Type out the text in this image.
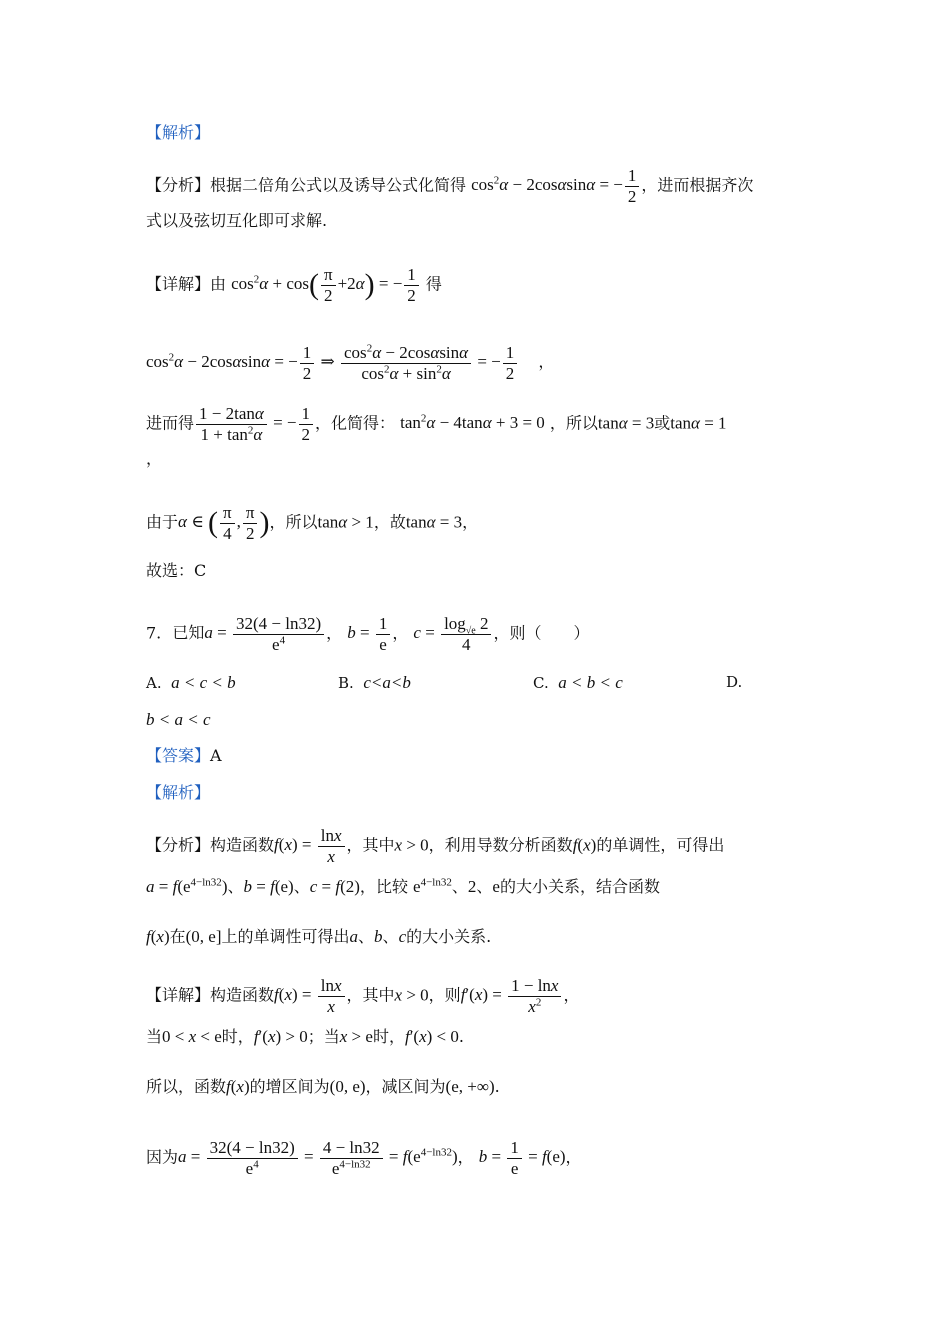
【解析】
【分析】根据二倍角公式以及诱导公式化简得 $\cos^2\alpha - 2\cos\alpha\sin\alpha$ = − $\frac{1}{2}$ ，进而根据齐次
式以及弦切互化即可求解.
【详解】由 $\cos^2\alpha + \cos( \frac{\pi}{2} +2\alpha)$ = − $\frac{1}{2}$ 得
$\cos^2\alpha - 2\cos\alpha\sin\alpha$ = − $\frac{1}{2}$ ⇒ $\frac{\cos^2\alpha - 2\cos\alpha\sin\alpha}{\cos^2\alpha + \sin^2\alpha}$ = − $\frac{1}{2}$ ，
进而得 $\frac{1 - 2\tan\alpha}{1 + \tan^2\alpha}$ = − $\frac{1}{2}$ ，化简得： $\tan^2\alpha - 4\tan\alpha + 3 = 0$ ，所以tanα = 3或tanα = 1
，
由于α ∈ ( $\frac{\pi}{4}$ , $\frac{\pi}{2}$ )，所以tanα > 1，故tanα = 3，
故选：C
7. 已知$a = \frac{32(4 - \ln 32)}{e^4}$ ， $b = \frac{1}{e}$ ， $c = \frac{\log_{√e} 2}{4}$ ，则（　　）
A. a < c < b	B. c<a<b	C. a < b < c	D.
b < a < c
【答案】A
【解析】
【分析】构造函数$f(x) = \frac{\ln x}{x}$ ，其中x > 0，利用导数分析函数f(x)的单调性，可得出
$a = f(e^{4-ln32})$、b = f(e)、c = f(2)，比较 $e^{4-ln32}$、2、e的大小关系，结合函数
f(x)在(0, e]上的单调性可得出a、b、c的大小关系.
【详解】构造函数$f(x) = \frac{\ln x}{x}$ ，其中x > 0，则$f'(x) = \frac{1 - \ln x}{x^2}$ ，
当0 < x < e时，f′(x) > 0；当x > e时，f′(x) < 0.
所以，函数f(x)的增区间为(0, e)，减区间为(e, +∞).
因为$a = \frac{32(4 - \ln 32)}{e^4} = \frac{4 - \ln 32}{e^{4-ln32}} = f(e^{4-ln32})$， $b = \frac{1}{e} = f(e)$，
